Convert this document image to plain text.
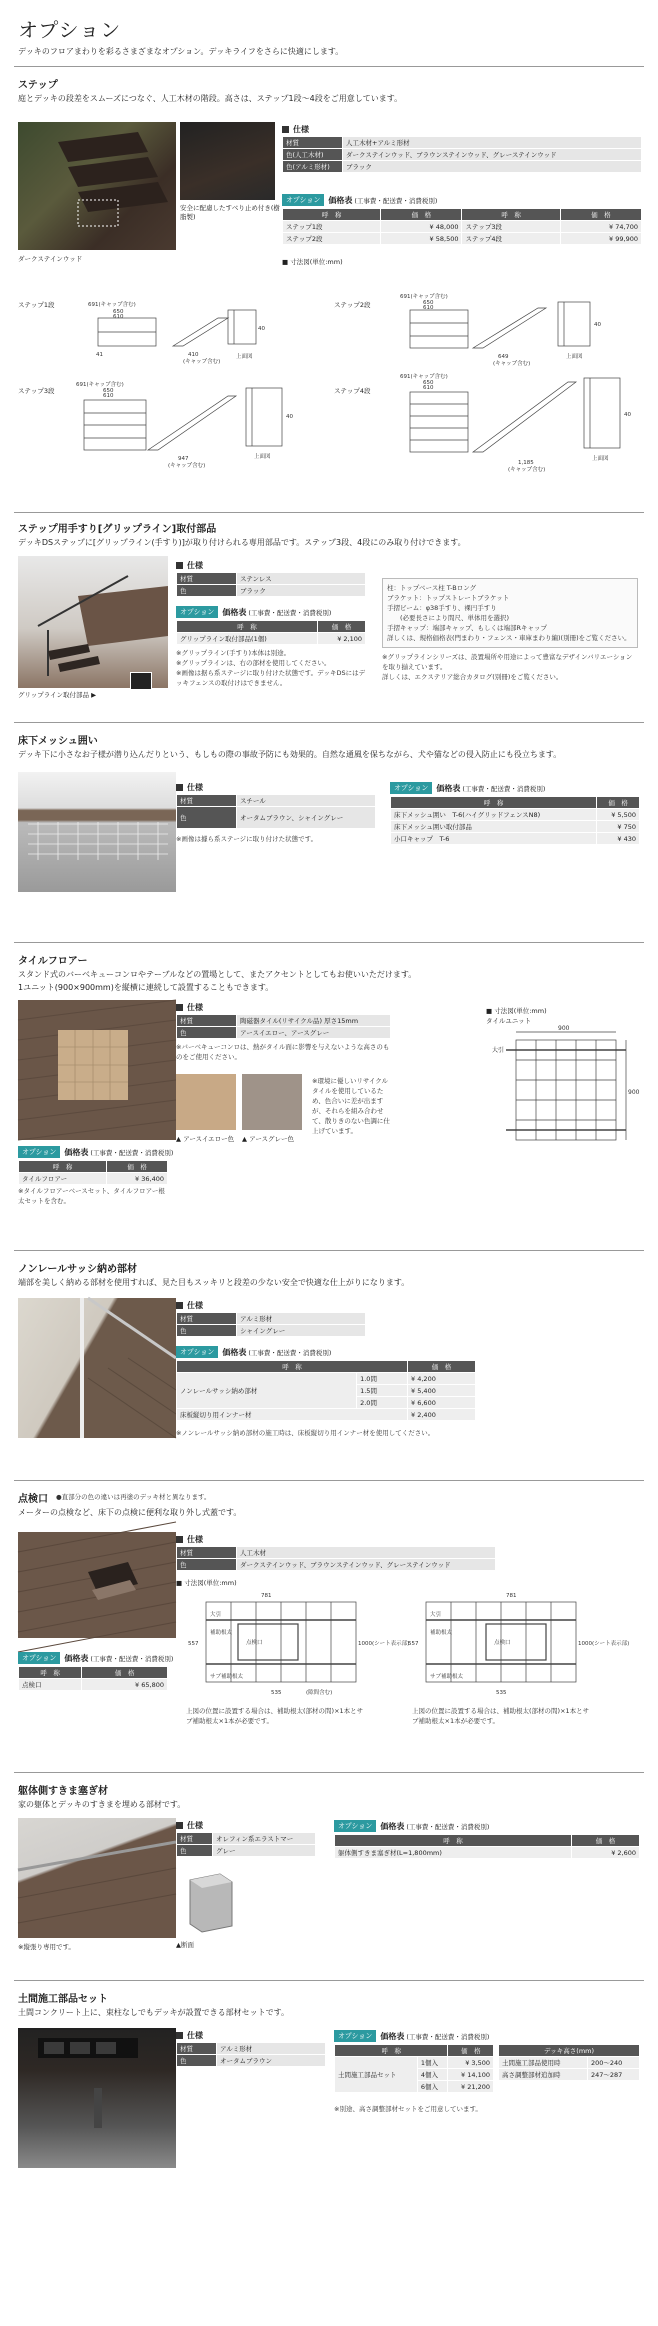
オプション
デッキのフロアまわりを彩るさまざまなオプション。デッキライフをさらに快適にします。
ステップ
庭とデッキの段差をスムーズにつなぐ、人工木材の階段。高さは、ステップ1段〜4段をご用意しています。
ダークステインウッド
安全に配慮したすべり止め付き(樹脂製)
仕様
材質	人工木材+アルミ形材
色(人工木材)	ダークステインウッド、ブラウンステインウッド、グレーステインウッド
色(アルミ形材)	ブラック
オプション	価格表 (工事費・配送費・消費税別)
呼　称	価　格	呼　称	価　格
ステップ1段	¥ 48,000	ステップ3段	¥ 74,700
ステップ2段	¥ 58,500	ステップ4段	¥ 99,900
■ 寸法図(単位:mm)
ステップ1段	ステップ2段
ステップ3段	ステップ4段
691(キャップ含む)
650
610
41	410
(キャップ含む)
上面図
40
691(キャップ含む)
650
610
649
(キャップ含む)
上面図
40
691(キャップ含む)
650
610
947
(キャップ含む)
上面図
40
691(キャップ含む)
650
610
1,185
(キャップ含む)
上面図
40
ステップ用手すり[グリップライン]取付部品
デッキDSステップに[グリップライン(手すり)]が取り付けられる専用部品です。ステップ3段、4段にのみ取り付けできます。
グリップライン取付部品 ▶
仕様
材質	ステンレス
色	ブラック
オプション	価格表 (工事費・配送費・消費税別)
呼　称	価　格
グリップライン取付部品(1個)	¥ 2,100
※グリップライン(手すり)本体は別途。
※グリップラインは、右の部材を使用してください。
※画像は据ら系ステージに取り付けた状態です。デッキDSにはデッキフェンスの取付けはできません。
柱：トップベース柱 T-Bロング
ブラケット：トップストレートブラケット
手摺ビーム：φ38手すり、裸円手すり
　　(必要長さにより間尺、単体用を選択)
手摺キャップ：端部キャップ、もしくは端部Rキャップ
詳しくは、規格価格表(門まわり・フェンス・車庫まわり編)(別冊)をご覧ください。
※グリップラインシリーズは、設置場所や用途によって豊富なデザインバリエーションを取り揃えています。
詳しくは、エクステリア総合カタログ(別冊)をご覧ください。
床下メッシュ囲い
デッキ下に小さなお子様が潜り込んだりという、もしもの際の事故予防にも効果的。自然な通風を保ちながら、犬や猫などの侵入防止にも役立ちます。
仕様
材質	スチール
色	オータムブラウン、シャイングレー
※画像は據ら系ステージに取り付けた状態です。
オプション	価格表 (工事費・配送費・消費税別)
呼　称	価　格
床下メッシュ囲い　T-6(ハイグリッドフェンスN8)	¥ 5,500
床下メッシュ囲い取付部品	¥ 750
小口キャップ　T-6	¥ 430
タイルフロアー
スタンド式のバーベキューコンロやテーブルなどの置場として、またアクセントとしてもお使いいただけます。
1ユニット(900×900mm)を縦横に連続して設置することもできます。
仕様
材質	陶磁器タイル(リサイクル品) 厚さ15mm
色	アースイエロー、アースグレー
※バーベキューコンロは、熱がタイル面に影響を与えないような高さのものをご使用ください。
▲ アースイエロー色 ▲ アースグレー色
※環境に優しいリサイクルタイルを使用しているため、色合いに差が出ますが、それらを組み合わせて、散りきのない色調に仕上げています。
■ 寸法図(単位:mm)
タイルユニット
900
900
大引
オプション	価格表 (工事費・配送費・消費税別)
呼　称	価　格
タイルフロアー	¥ 36,400
※タイルフロアーベースセット、タイルフロアー根太セットを含む。
ノンレールサッシ納め部材
端部を美しく納める部材を使用すれば、見た目もスッキリと段差の少ない安全で快適な仕上がりになります。
仕様
材質	アルミ形材
色	シャイングレー
オプション	価格表 (工事費・配送費・消費税別)
呼　称		価　格
ノンレールサッシ納め部材	1.0間	¥ 4,200
	1.5間	¥ 5,400
	2.0間	¥ 6,600
床板縦切り用インナー材		¥ 2,400
※ノンレールサッシ納め部材の施工時は、床板縦切り用インナー材を使用してください。
点検口 ●直部分の色の違いは再塗のデッキ材と異なります。
メーターの点検など、床下の点検に便利な取り外し式蓋です。
仕様
材質	人工木材
色	ダークステインウッド、ブラウンステインウッド、グレーステインウッド
■ 寸法図(単位:mm)
781
535
557	1000(シート表示部)
大引
補助根太
サブ補助根太
点検口
(隙間含む)
781
535
557	1000(シート表示部)
大引
補助根太
サブ補助根太
点検口
上図の位置に設置する場合は、補助根太(部材の間)×1本とサブ補助根太×1本が必要です。
上図の位置に設置する場合は、補助根太(部材の間)×1本とサブ補助根太×1本が必要です。
オプション	価格表 (工事費・配送費・消費税別)
呼　称	価　格
点検口	¥ 65,800
躯体側すきま塞ぎ材
家の躯体とデッキのすきまを埋める部材です。
※縦張り専用です。
仕様
材質	オレフィン系エラストマー
色	グレー
▲断面
オプション	価格表 (工事費・配送費・消費税別)
呼　称	価　格
躯体側すきま塞ぎ材(L=1,800mm)	¥ 2,600
土間施工部品セット
土間コンクリート上に、束柱なしでもデッキが設置できる部材セットです。
仕様
材質	アルミ形材
色	オータムブラウン
オプション	価格表 (工事費・配送費・消費税別)
呼　称		価　格
土間施工部品セット	1個入	¥ 3,500
	4個入	¥ 14,100
	6個入	¥ 21,200
※別途、高さ調整部材セットをご用意しています。
デッキ高さ(mm)	
土間施工部品使用時	200〜240
高さ調整部材追加時	247〜287
